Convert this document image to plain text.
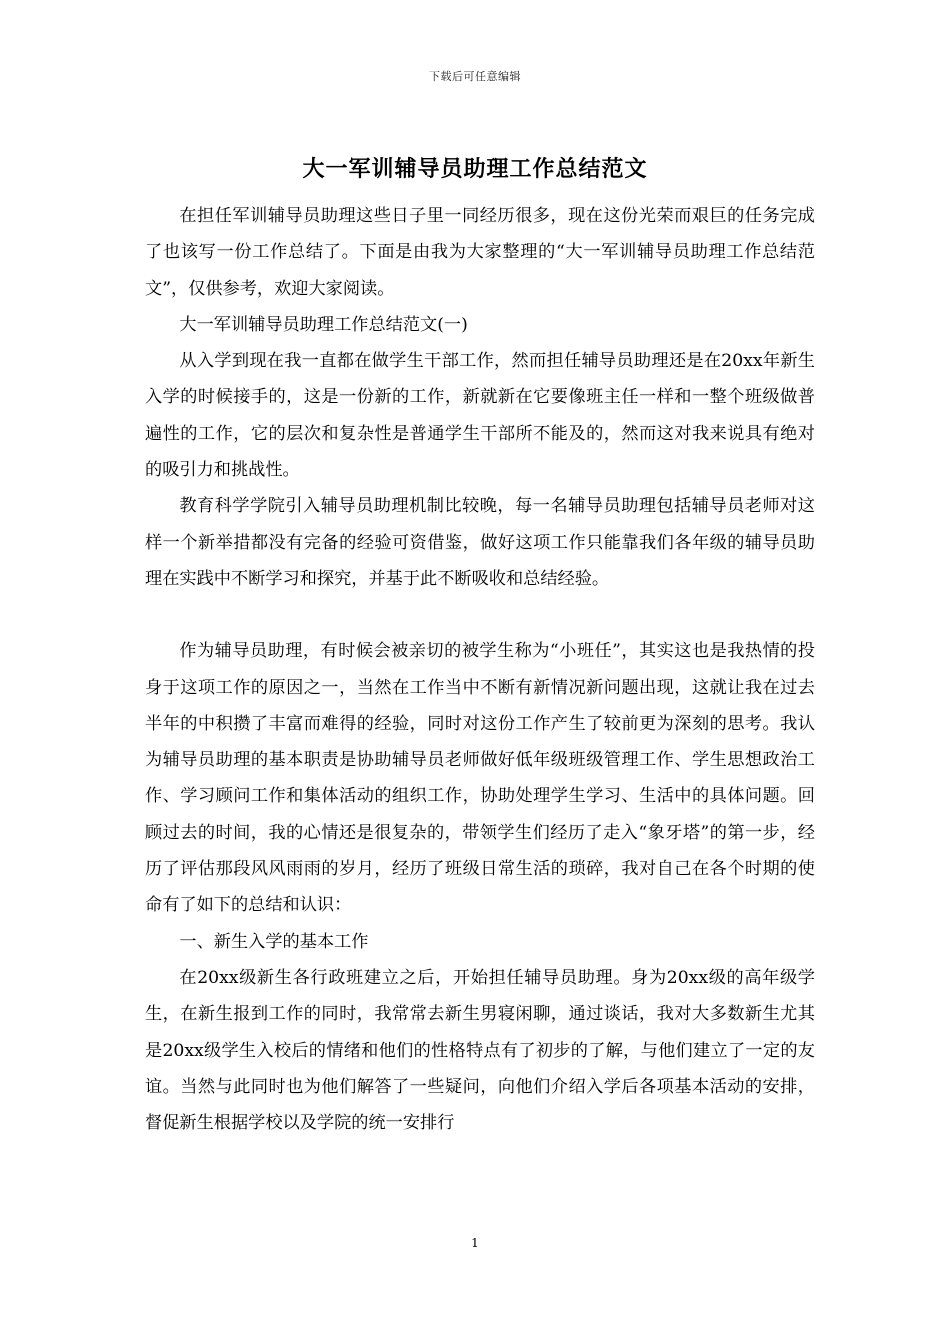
下载后可任意编辑
大一军训辅导员助理工作总结范文

在担任军训辅导员助理这些日子里一同经历很多，现在这份光荣而艰巨的任务完成了也该写一份工作总结了。下面是由我为大家整理的“大一军训辅导员助理工作总结范文”，仅供参考，欢迎大家阅读。

大一军训辅导员助理工作总结范文(一)

从入学到现在我一直都在做学生干部工作，然而担任辅导员助理还是在20xx年新生入学的时候接手的，这是一份新的工作，新就新在它要像班主任一样和一整个班级做普遍性的工作，它的层次和复杂性是普通学生干部所不能及的，然而这对我来说具有绝对的吸引力和挑战性。

教育科学学院引入辅导员助理机制比较晚，每一名辅导员助理包括辅导员老师对这样一个新举措都没有完备的经验可资借鉴，做好这项工作只能靠我们各年级的辅导员助理在实践中不断学习和探究，并基于此不断吸收和总结经验。

作为辅导员助理，有时候会被亲切的被学生称为“小班任”，其实这也是我热情的投身于这项工作的原因之一，当然在工作当中不断有新情况新问题出现，这就让我在过去半年的中积攒了丰富而难得的经验，同时对这份工作产生了较前更为深刻的思考。我认为辅导员助理的基本职责是协助辅导员老师做好低年级班级管理工作、学生思想政治工作、学习顾问工作和集体活动的组织工作，协助处理学生学习、生活中的具体问题。回顾过去的时间，我的心情还是很复杂的，带领学生们经历了走入“象牙塔”的第一步，经历了评估那段风风雨雨的岁月，经历了班级日常生活的琐碎，我对自己在各个时期的使命有了如下的总结和认识：

一、新生入学的基本工作

在20xx级新生各行政班建立之后，开始担任辅导员助理。身为20xx级的高年级学生，在新生报到工作的同时，我常常去新生男寝闲聊，通过谈话，我对大多数新生尤其是20xx级学生入校后的情绪和他们的性格特点有了初步的了解，与他们建立了一定的友谊。当然与此同时也为他们解答了一些疑问，向他们介绍入学后各项基本活动的安排，督促新生根据学校以及学院的统一安排行

1
